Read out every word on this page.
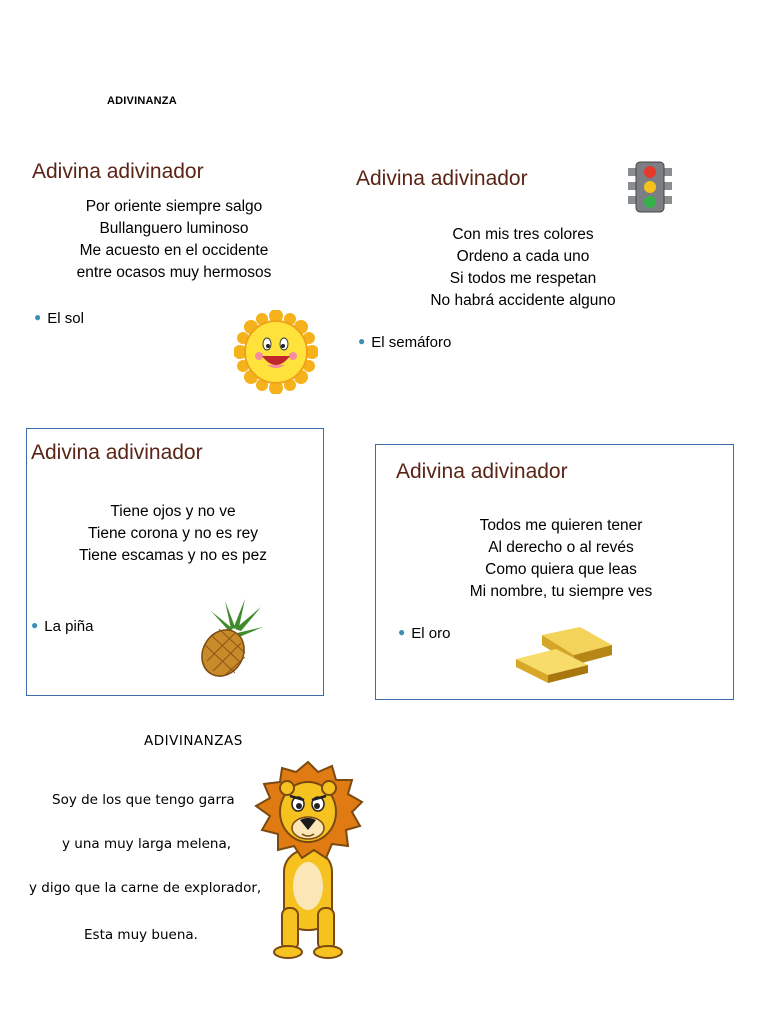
ADIVINANZA
Adivina adivinador
Por oriente siempre salgo
Bullanguero luminoso
Me acuesto en el occidente
entre ocasos muy hermosos
● El sol
Adivina adivinador
Con mis tres colores
Ordeno a cada uno
Si todos me respetan
No habrá accidente alguno
● El semáforo
Adivina adivinador
Tiene ojos y no ve
Tiene corona y no es rey
Tiene escamas y no es pez
● La piña
Adivina adivinador
Todos me quieren tener
Al derecho o al revés
Como quiera que leas
Mi nombre, tu siempre ves
● El oro
ADIVINANZAS
Soy de los que tengo garra
y una muy larga melena,
y digo que la carne de explorador,
Esta muy buena.
